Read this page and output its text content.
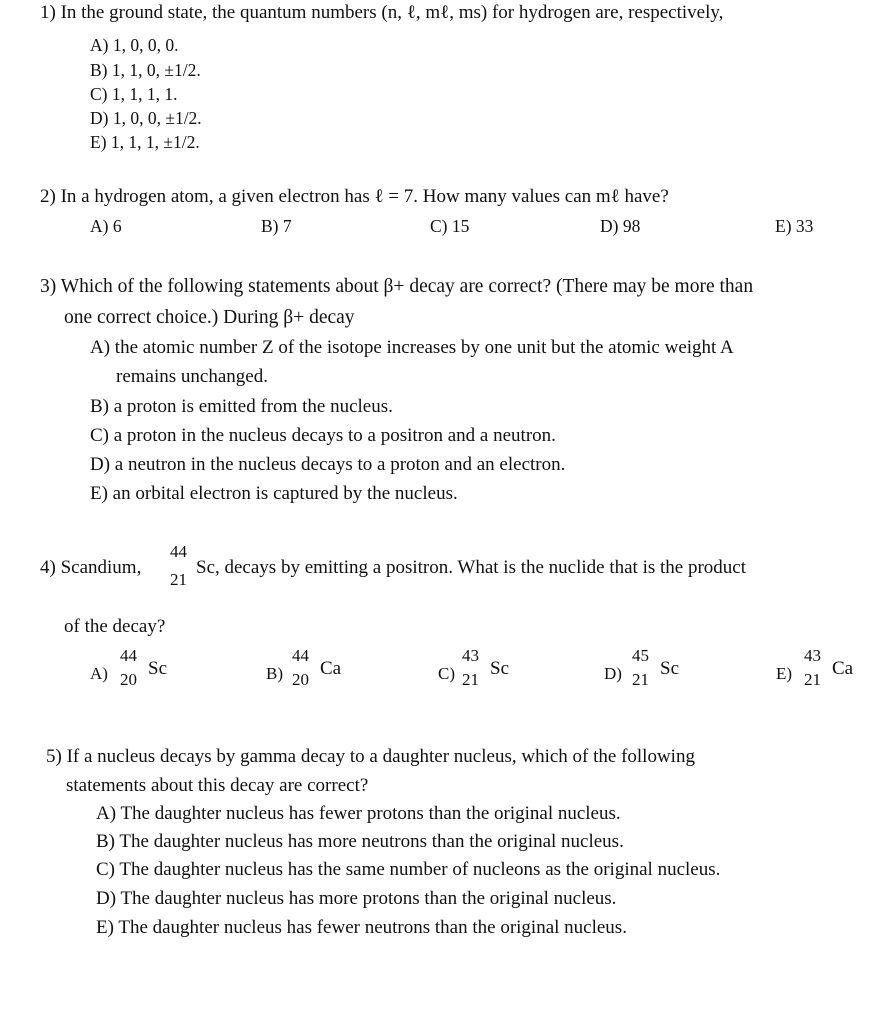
1) In the ground state, the quantum numbers (n, ℓ, mℓ, ms) for hydrogen are, respectively,
A) 1, 0, 0, 0.
B) 1, 1, 0, ±1/2.
C) 1, 1, 1, 1.
D) 1, 0, 0, ±1/2.
E) 1, 1, 1, ±1/2.
2) In a hydrogen atom, a given electron has ℓ = 7. How many values can mℓ have?
A) 6	B) 7	C) 15	D) 98	E) 33
3) Which of the following statements about β+ decay are correct? (There may be more than
one correct choice.) During β+ decay
A) the atomic number Z of the isotope increases by one unit but the atomic weight A
remains unchanged.
B) a proton is emitted from the nucleus.
C) a proton in the nucleus decays to a positron and a neutron.
D) a neutron in the nucleus decays to a proton and an electron.
E) an orbital electron is captured by the nucleus.
4) Scandium,
44
21
Sc, decays by emitting a positron. What is the nuclide that is the product
of the decay?
A)
44
20
Sc	B)
44
20
Ca	C)
43
21
Sc	D)
45
21
Sc	E)
43
21
Ca
5) If a nucleus decays by gamma decay to a daughter nucleus, which of the following
statements about this decay are correct?
A) The daughter nucleus has fewer protons than the original nucleus.
B) The daughter nucleus has more neutrons than the original nucleus.
C) The daughter nucleus has the same number of nucleons as the original nucleus.
D) The daughter nucleus has more protons than the original nucleus.
E) The daughter nucleus has fewer neutrons than the original nucleus.
